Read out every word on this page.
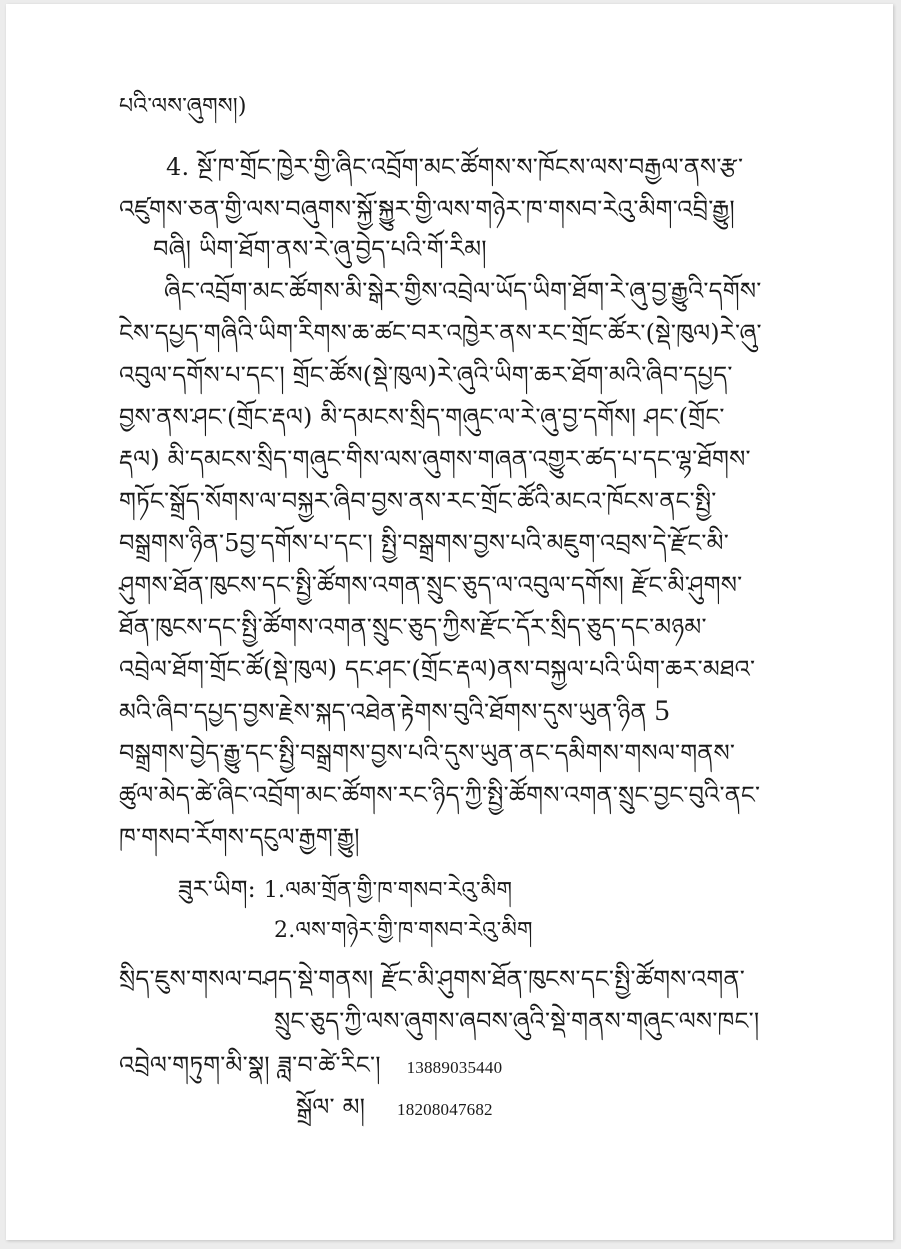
པའི་ལས་ཞུགས།)
4. སྔོ་ཁ་གྲོང་ཁྱེར་གྱི་ཞིང་འབྲོག་མང་ཚོགས་ས་ཁོངས་ལས་བརྒྱལ་ནས་རྩ་
འཛུགས་ཅན་གྱི་ལས་བཞུགས་སྐྱོ་སྐྱུར་གྱི་ལས་གཉེར་ཁ་གསབ་རེའུ་མིག་འབྲི་རྒྱུ།
བཞི། ཡིག་ཐོག་ནས་རེ་ཞུ་བྱེད་པའི་གོ་རིམ།
ཞིང་འབྲོག་མང་ཚོགས་མི་སྒེར་གྱིས་འབྲེལ་ཡོད་ཡིག་ཐོག་རེ་ཞུ་བྱ་རྒྱུའི་དགོས་
ངེས་དཔྱད་གཞིའི་ཡིག་རིགས་ཆ་ཚང་བར་འཁྱེར་ནས་རང་གྲོང་ཚོར་(སྡེ་ཁུལ)རེ་ཞུ་
འབུལ་དགོས་པ་དང་། གྲོང་ཚོས(སྡེ་ཁུལ)རེ་ཞུའི་ཡིག་ཆར་ཐོག་མའི་ཞིབ་དཔྱད་
བྱས་ནས་ཤང་(གྲོང་རྡལ) མི་དམངས་སྲིད་གཞུང་ལ་རེ་ཞུ་བྱ་དགོས། ཤང་(གྲོང་
རྡལ) མི་དམངས་སྲིད་གཞུང་གིས་ལས་ཞུགས་གཞན་འགྱུར་ཚད་པ་དང་ལྷ་ཐོགས་
གཏོང་སྒྲོད་སོགས་ལ་བསྐྱར་ཞིབ་བྱས་ནས་རང་གྲོང་ཚོའི་མངའ་ཁོངས་ནང་སྤྱི་
བསྒྲགས་ཉིན་5བྱ་དགོས་པ་དང་། སྤྱི་བསྒྲགས་བྱས་པའི་མཇུག་འབྲས་དེ་རྫོང་མི་
ཤུགས་ཐོན་ཁུངས་དང་སྤྱི་ཚོགས་འགན་སྲུང་ཅུད་ལ་འབུལ་དགོས། རྫོང་མི་ཤུགས་
ཐོན་ཁུངས་དང་སྤྱི་ཚོགས་འགན་སྲུང་ཅུད་ཀྱིས་རྫོང་དོར་སྲིད་ཅུད་དང་མཉམ་
འབྲེལ་ཐོག་གྲོང་ཚོ(སྡེ་ཁུལ) དང་ཤང་(གྲོང་རྡལ)ནས་བསྐྱལ་པའི་ཡིག་ཆར་མཐའ་
མའི་ཞིབ་དཔྱད་བྱས་རྗེས་སྐད་འཐེན་རྟེགས་བུའི་ཐོགས་དུས་ཡུན་ཉིན 5
བསྒྲགས་བྱེད་རྒྱུ་དང་སྤྱི་བསྒྲགས་བྱས་པའི་དུས་ཡུན་ནང་དམིགས་གསལ་གནས་
ཚུལ་མེད་ཚེ་ཞིང་འབྲོག་མང་ཚོགས་རང་ཉིད་ཀྱི་སྤྱི་ཚོགས་འགན་སྲུང་བྱང་བུའི་ནང་
ཁ་གསབ་རོགས་དངུལ་རྒྱག་རྒྱུ།
ཟུར་ཡིག: 1.ལམ་གྲོན་གྱི་ཁ་གསབ་རེའུ་མིག
2.ལས་གཉེར་གྱི་ཁ་གསབ་རེའུ་མིག
སྲིད་ཇུས་གསལ་བཤད་སྡེ་གནས། རྫོང་མི་ཤུགས་ཐོན་ཁུངས་དང་སྤྱི་ཚོགས་འགན་
སྲུང་ཅུད་ཀྱི་ལས་ཞུགས་ཞབས་ཞུའི་སྡེ་གནས་གཞུང་ལས་ཁང་།
འབྲེལ་གཏུག་མི་སྣ། ཟླ་བ་ཚེ་རིང་། 13889035440
སྒྲོལ་ མ། 18208047682
